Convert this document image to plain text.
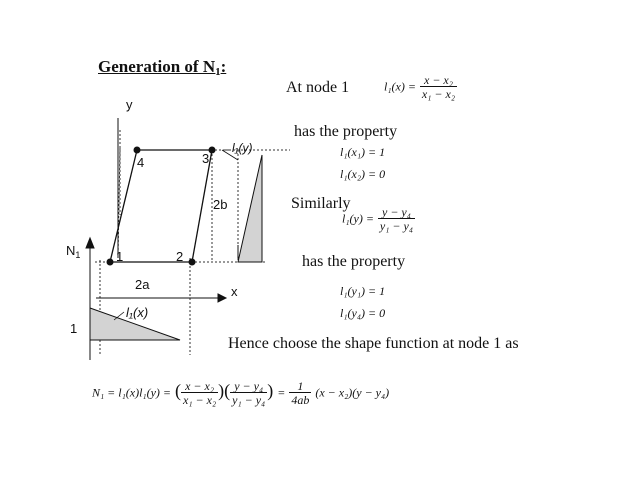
Generation of $N_1$:
y
x
$N_1$
1
1	2
3
4
2a
2b
l₁(x)
l₁(y)
At node 1	$l_1(x) = \frac{\text{x − x₂}}{\text{x₁ − x₂}}$
has the property
l₁(x₁) = 1
l₁(x₂) = 0
Similarly
$l_1(y) = \frac{\text{y − y₄}}{\text{y₁ − y₄}}$
has the property
l₁(y₁) = 1
l₁(y₄) = 0
Hence choose the shape function at node 1 as
N₁ = l₁(x)l₁(y) = ( $\frac{\text{x − x₂}}{\text{x₁ − x₂}}$ )( $\frac{\text{y − y₄}}{\text{y₁ − y₄}}$ ) = $\frac{1}{4ab} (x - x_2)(y - y_4)$
